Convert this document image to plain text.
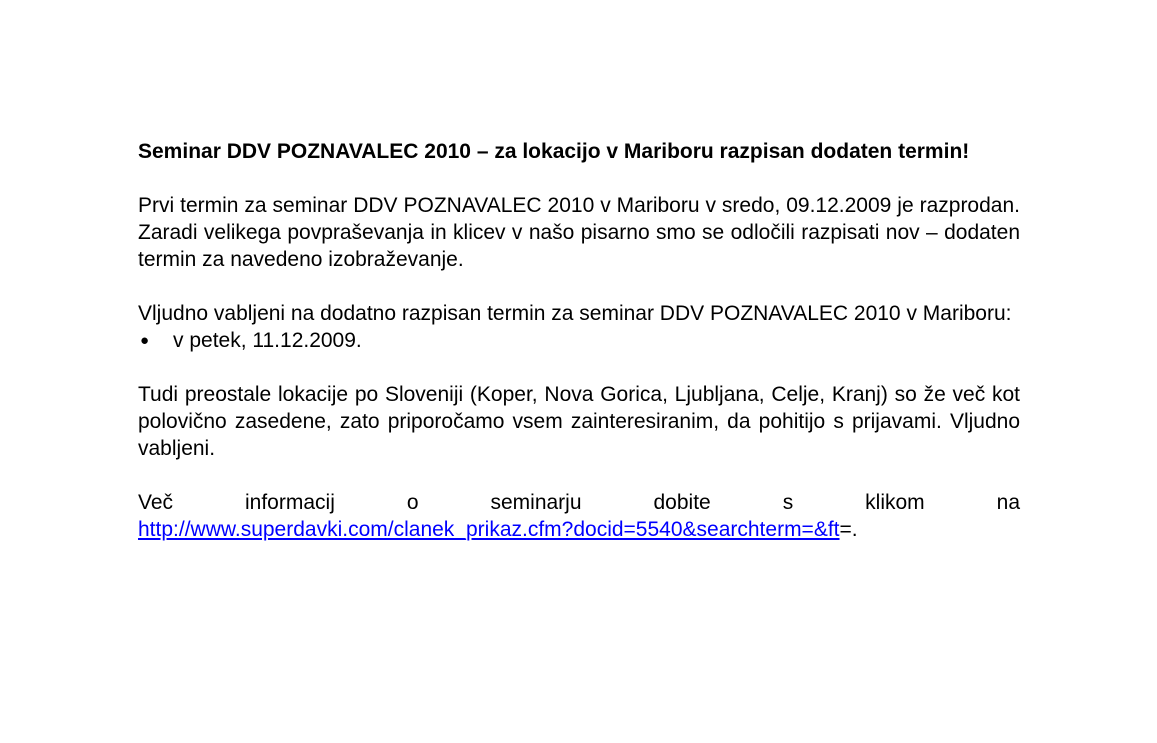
Seminar DDV POZNAVALEC 2010 – za lokacijo v Mariboru razpisan dodaten termin!

Prvi termin za seminar DDV POZNAVALEC 2010 v Mariboru v sredo, 09.12.2009 je razprodan. Zaradi velikega povpraševanja in klicev v našo pisarno smo se odločili razpisati nov – dodaten termin za navedeno izobraževanje.

Vljudno vabljeni na dodatno razpisan termin za seminar DDV POZNAVALEC 2010 v Mariboru:

● v petek, 11.12.2009.

Tudi preostale lokacije po Sloveniji (Koper, Nova Gorica, Ljubljana, Celje, Kranj) so že več kot polovično zasedene, zato priporočamo vsem zainteresiranim, da pohitijo s prijavami. Vljudno vabljeni.

Več	informacij	o	seminarju	dobite	s	klikom	na
http://www.superdavki.com/clanek_prikaz.cfm?docid=5540&searchterm=&ft=.
